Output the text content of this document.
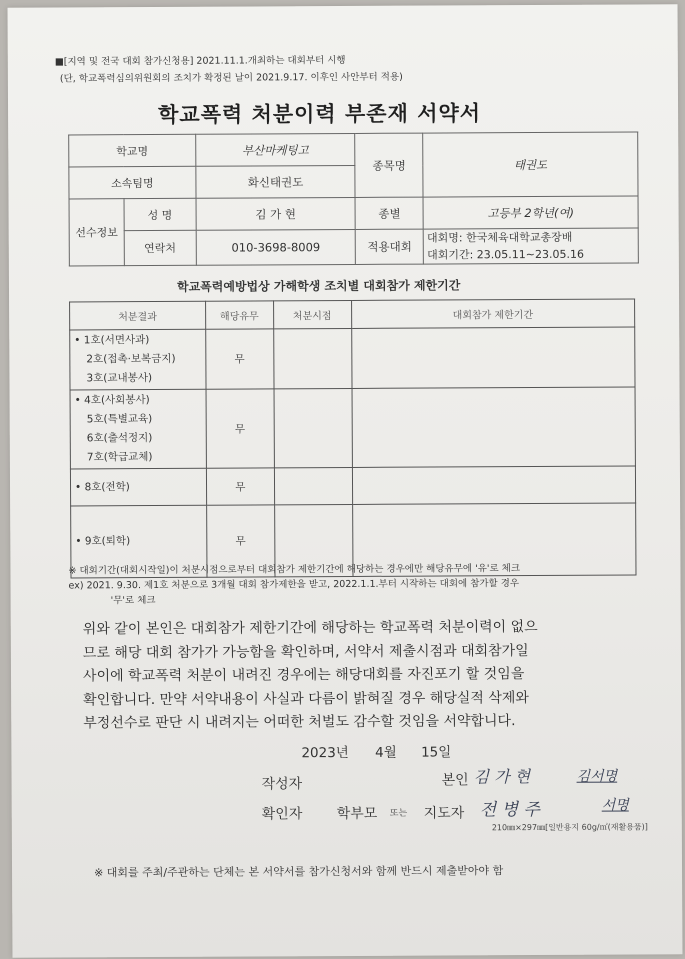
■[지역 및 전국 대회 참가신청용] 2021.11.1.개최하는 대회부터 시행
(단, 학교폭력심의위원회의 조치가 확정된 날이 2021.9.17. 이후인 사안부터 적용)
학교폭력 처분이력 부존재 서약서
학교명		부산마케팅고	종목명	태권도
소속팀명		화신태권도		
선수정보	성 명	김 가 현	종별	고등부 2학년(여)
	연락처	010-3698-8009	적용대회	대회명: 한국체육대학교총장배
대회기간: 23.05.11~23.05.16
학교폭력예방법상 가해학생 조치별 대회참가 제한기간
처분결과	해당유무	처분시점	대회참가 제한기간

• 1호(서면사과)
2호(접촉·보복금지)
3호(교내봉사)	무		

• 4호(사회봉사)
5호(특별교육)
6호(출석정지)
7호(학급교체)	무		

• 8호(전학)	무		

• 9호(퇴학)	무		
※ 대회기간(대회시작일)이 처분시점으로부터 대회참가 제한기간에 해당하는 경우에만 해당유무에 '유'로 체크
ex) 2021. 9.30. 제1호 처분으로 3개월 대회 참가제한을 받고, 2022.1.1.부터 시작하는 대회에 참가할 경우
'무'로 체크
위와 같이 본인은 대회참가 제한기간에 해당하는 학교폭력 처분이력이 없으
므로 해당 대회 참가가 가능함을 확인하며, 서약서 제출시점과 대회참가일
사이에 학교폭력 처분이 내려진 경우에는 해당대회를 자진포기 할 것임을
확인합니다. 만약 서약내용이 사실과 다름이 밝혀질 경우 해당실적 삭제와
부정선수로 판단 시 내려지는 어떠한 처벌도 감수할 것임을 서약합니다.
2023년 4월 15일
작성자	본인 김 가 현	김서명
확인자 학부모 또는 지도자 전 병 주	서명
210㎜×297㎜[일반용지 60g/㎡(재활용품)]
※ 대회를 주최/주관하는 단체는 본 서약서를 참가신청서와 함께 반드시 제출받아야 함
